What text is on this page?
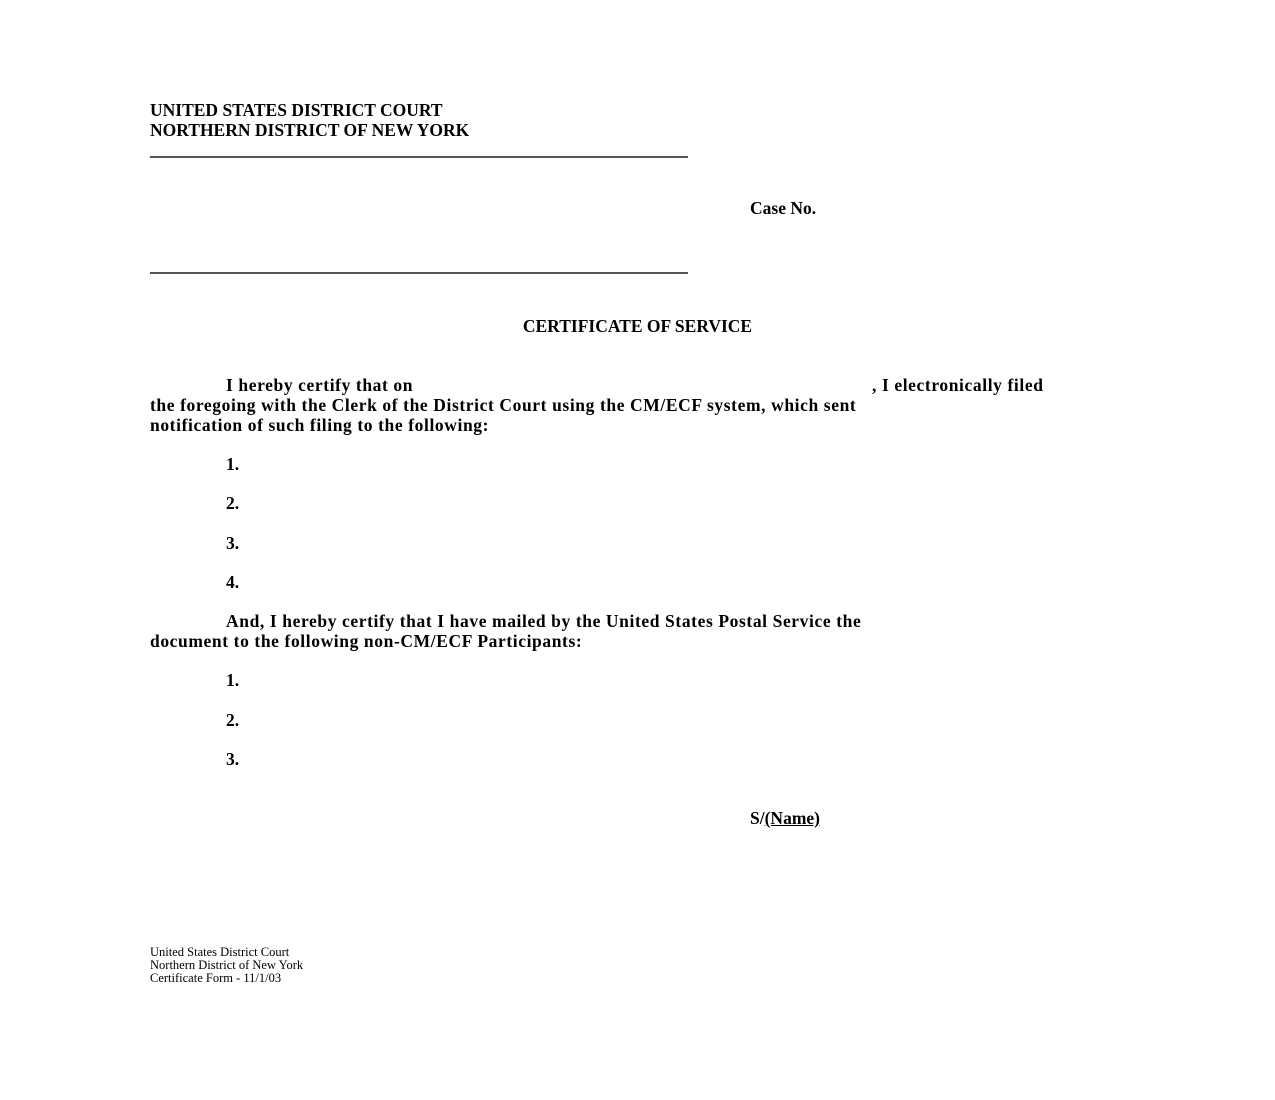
UNITED STATES DISTRICT COURT
NORTHERN DISTRICT OF NEW YORK
Case No.
CERTIFICATE OF SERVICE
I hereby certify that on	, I electronically filed
the foregoing with the Clerk of the District Court using the CM/ECF system, which sent
notification of such filing to the following:
1.
2.
3.
4.
And, I hereby certify that I have mailed by the United States Postal Service the
document to the following non-CM/ECF Participants:
1.
2.
3.
S/(Name)
United States District Court
Northern District of New York
Certificate Form - 11/1/03
